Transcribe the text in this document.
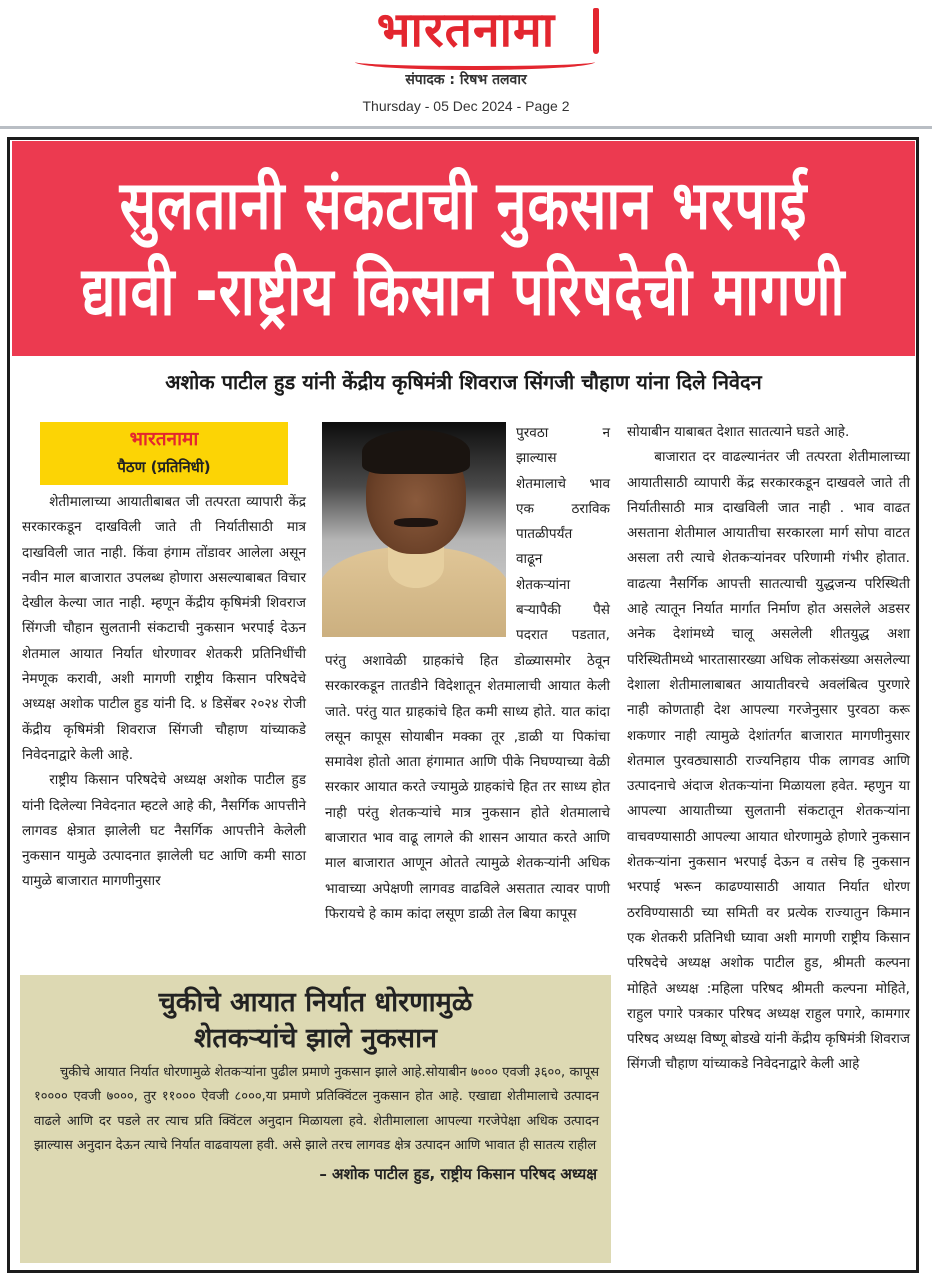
भारतनामा
संपादक : रिषभ तलवार
Thursday - 05 Dec 2024 - Page 2
सुलतानी संकटाची नुकसान भरपाई
द्यावी -राष्ट्रीय किसान परिषदेची मागणी
अशोक पाटील हुड यांनी केंद्रीय कृषिमंत्री शिवराज सिंगजी चौहाण यांना दिले निवेदन
भारतनामा
पैठण (प्रतिनिधी)

शेतीमालाच्या आयातीबाबत जी तत्परता व्यापारी केंद्र सरकारकडून दाखविली जाते ती निर्यातीसाठी मात्र दाखविली जात नाही. किंवा हंगाम तोंडावर आलेला असून नवीन माल बाजारात उपलब्ध होणारा असल्याबाबत विचार देखील केल्या जात नाही. म्हणून केंद्रीय कृषिमंत्री शिवराज सिंगजी चौहान सुलतानी संकटाची नुकसान भरपाई देऊन शेतमाल आयात निर्यात धोरणावर शेतकरी प्रतिनिधींची नेमणूक करावी, अशी मागणी राष्ट्रीय किसान परिषदेचे अध्यक्ष अशोक पाटील हुड यांनी दि. ४ डिसेंबर २०२४ रोजी केंद्रीय कृषिमंत्री शिवराज सिंगजी चौहाण यांच्याकडे निवेदनाद्वारे केली आहे.

राष्ट्रीय किसान परिषदेचे अध्यक्ष अशोक पाटील हुड यांनी दिलेल्या निवेदनात म्हटले आहे की, नैसर्गिक आपत्तीने लागवड क्षेत्रात झालेली घट नैसर्गिक आपत्तीने केलेली नुकसान यामुळे उत्पादनात झालेली घट आणि कमी साठा यामुळे बाजारात मागणीनुसार

पुरवठा न
झाल्यास
शेतमालाचे भाव
एक ठराविक
पातळीपर्यंत
वाढून
शेतकऱ्यांना
बऱ्यापैकी पैसे
पदरात पडतात,

परंतु अशावेळी ग्राहकांचे हित डोळ्यासमोर ठेवून सरकारकडून तातडीने विदेशातून शेतमालाची आयात केली जाते. परंतु यात ग्राहकांचे हित कमी साध्य होते. यात कांदा लसून कापूस सोयाबीन मक्का तूर ,डाळी या पिकांचा समावेश होतो आता हंगामात आणि पीके निघण्याच्या वेळी सरकार आयात करते ज्यामुळे ग्राहकांचे हित तर साध्य होत नाही परंतु शेतकऱ्यांचे मात्र नुकसान होते शेतमालाचे बाजारात भाव वाढू लागले की शासन आयात करते आणि माल बाजारात आणून ओतते त्यामुळे शेतकऱ्यांनी अधिक भावाच्या अपेक्षणी लागवड वाढविले असतात त्यावर पाणी फिरायचे हे काम कांदा लसूण डाळी तेल बिया कापूस

सोयाबीन याबाबत देशात सातत्याने घडते आहे.

बाजारात दर वाढल्यानंतर जी तत्परता शेतीमालाच्या आयातीसाठी व्यापारी केंद्र सरकारकडून दाखवले जाते ती निर्यातीसाठी मात्र दाखविली जात नाही . भाव वाढत असताना शेतीमाल आयातीचा सरकारला मार्ग सोपा वाटत असला तरी त्याचे शेतकऱ्यांनवर परिणामी गंभीर होतात. वाढत्या नैसर्गिक आपत्ती सातत्याची युद्धजन्य परिस्थिती आहे त्यातून निर्यात मार्गात निर्माण होत असलेले अडसर अनेक देशांमध्ये चालू असलेली शीतयुद्ध अशा परिस्थितीमध्ये भारतासारख्या अधिक लोकसंख्या असलेल्या देशाला शेतीमालाबाबत आयातीवरचे अवलंबित्व पुरणारे नाही कोणताही देश आपल्या गरजेनुसार पुरवठा करू शकणार नाही त्यामुळे देशांतर्गत बाजारात मागणीनुसार शेतमाल पुरवठ्यासाठी राज्यनिहाय पीक लागवड आणि उत्पादनाचे अंदाज शेतकऱ्यांना मिळायला हवेत. म्हणुन या आपल्या आयातीच्या सुलतानी संकटातून शेतकऱ्यांना वाचवण्यासाठी आपल्या आयात धोरणामुळे होणारे नुकसान शेतकऱ्यांना नुकसान भरपाई देऊन व तसेच हि नुकसान भरपाई भरून काढण्यासाठी आयात निर्यात धोरण ठरविण्यासाठी च्या समिती वर प्रत्येक राज्यातुन किमान एक शेतकरी प्रतिनिधी घ्यावा अशी मागणी राष्ट्रीय किसान परिषदेचे अध्यक्ष अशोक पाटील हुड, श्रीमती कल्पना मोहिते अध्यक्ष :महिला परिषद श्रीमती कल्पना मोहिते, राहुल पगारे पत्रकार परिषद अध्यक्ष राहुल पगारे, कामगार परिषद अध्यक्ष विष्णू बोडखे यांनी केंद्रीय कृषिमंत्री शिवराज सिंगजी चौहाण यांच्याकडे निवेदनाद्वारे केली आहे

चुकीचे आयात निर्यात धोरणामुळे
शेतकऱ्यांचे झाले नुकसान

चुकीचे आयात निर्यात धोरणामुळे शेतकऱ्यांना पुढील प्रमाणे नुकसान झाले आहे.सोयाबीन ७००० एवजी ३६००, कापूस १०००० एवजी ७०००, तुर ११००० ऐवजी ८०००,या प्रमाणे प्रतिक्विंटल नुकसान होत आहे. एखाद्या शेतीमालाचे उत्पादन वाढले आणि दर पडले तर त्याच प्रति क्विंटल अनुदान मिळायला हवे. शेतीमालाला आपल्या गरजेपेक्षा अधिक उत्पादन झाल्यास अनुदान देऊन त्याचे निर्यात वाढवायला हवी. असे झाले तरच लागवड क्षेत्र उत्पादन आणि भावात ही सातत्य राहील

– अशोक पाटील हुड, राष्ट्रीय किसान परिषद अध्यक्ष
